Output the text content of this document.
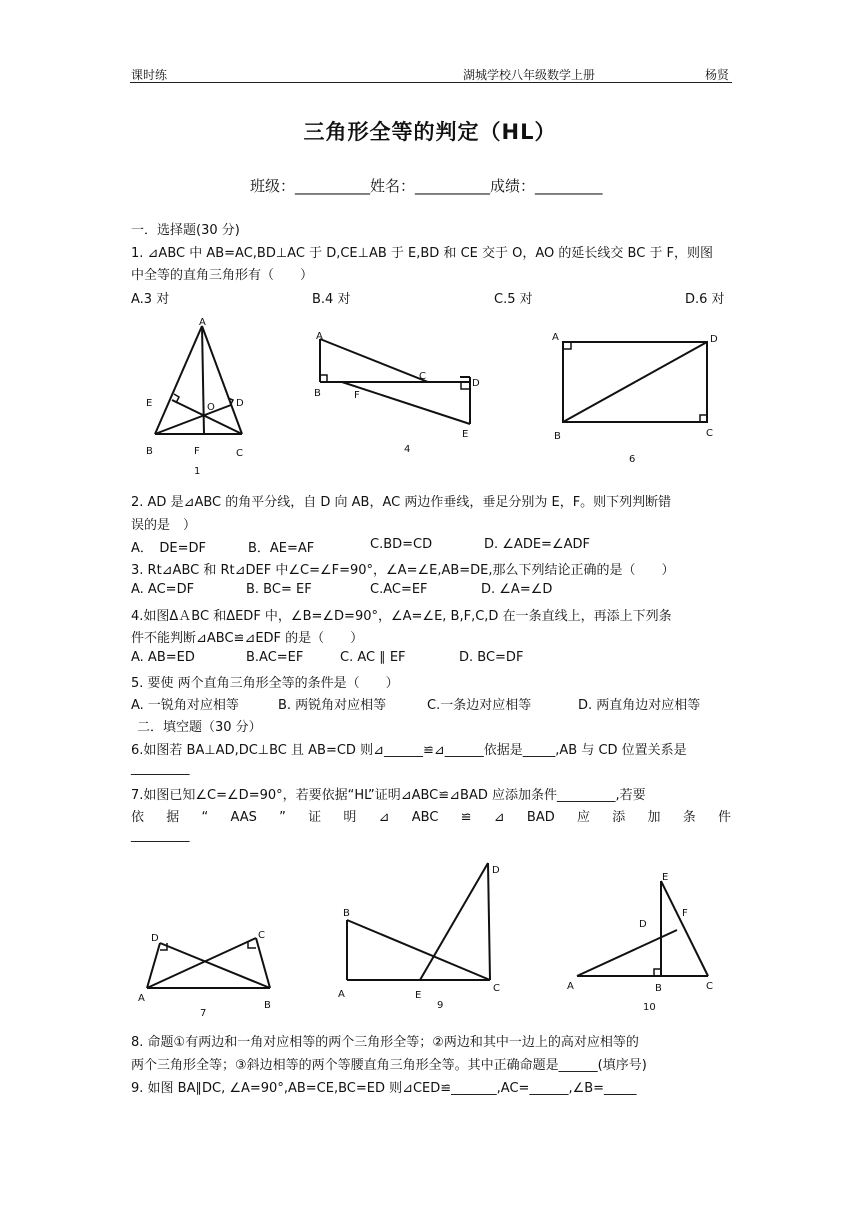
课时练	湖城学校八年级数学上册	杨贤
三角形全等的判定（HL）
班级：__________姓名：__________成绩：_________
一．选择题(30 分)
1. ⊿ABC 中 AB=AC,BD⊥AC 于 D,CE⊥AB 于 E,BD 和 CE 交于 O，AO 的延长线交 BC 于 F，则图
中全等的直角三角形有（　　）
A.3 对	B.4 对	C.5 对	D.6 对
A
E	D
O
B	F	C
1
A
B	F
C
D
E
4
A	D
B	C
6
2. AD 是⊿ABC 的角平分线，自 D 向 AB，AC 两边作垂线，垂足分别为 E，F。则下列判断错
误的是　）
A．　DE=DF	B．AE=AF	C.BD=CD	D. ∠ADE=∠ADF
3. Rt⊿ABC 和 Rt⊿DEF 中∠C=∠F=90°，∠A=∠E,AB=DE,那么下列结论正确的是（　　）
A. AC=DF	B. BC= EF	C.AC=EF	D. ∠A=∠D
4.如图ΔＡBC 和ΔEDF 中，∠B=∠D=90°，∠A=∠E, B,F,C,D 在一条直线上，再添上下列条
件不能判断⊿ABC≌⊿EDF 的是（　　）
A. AB=ED	B.AC=EF	C. AC ∥ EF	D. BC=DF
5. 要使 两个直角三角形全等的条件是（　　）
A. 一锐角对应相等	B. 两锐角对应相等	C.一条边对应相等	D. 两直角边对应相等
二．填空题（30 分）
6.如图若 BA⊥AD,DC⊥BC 且 AB=CD 则⊿______≌⊿______依据是_____,AB 与 CD 位置关系是
_________
7.如图已知∠C=∠D=90°，若要依据“HL”证明⊿ABC≌⊿BAD 应添加条件_________,若要
依　据　“　AAS　”　证　明　⊿　ABC　≌　⊿　BAD　应　添　加　条　件
_________
D	C
A
B
7
B
D
A	E
C
9
E
F
D
A	B	C
10
8. 命题①有两边和一角对应相等的两个三角形全等；②两边和其中一边上的高对应相等的
两个三角形全等；③斜边相等的两个等腰直角三角形全等。其中正确命题是______(填序号)
9. 如图 BA∥DC, ∠A=90°,AB=CE,BC=ED 则⊿CED≌_______,AC=______,∠B=_____
